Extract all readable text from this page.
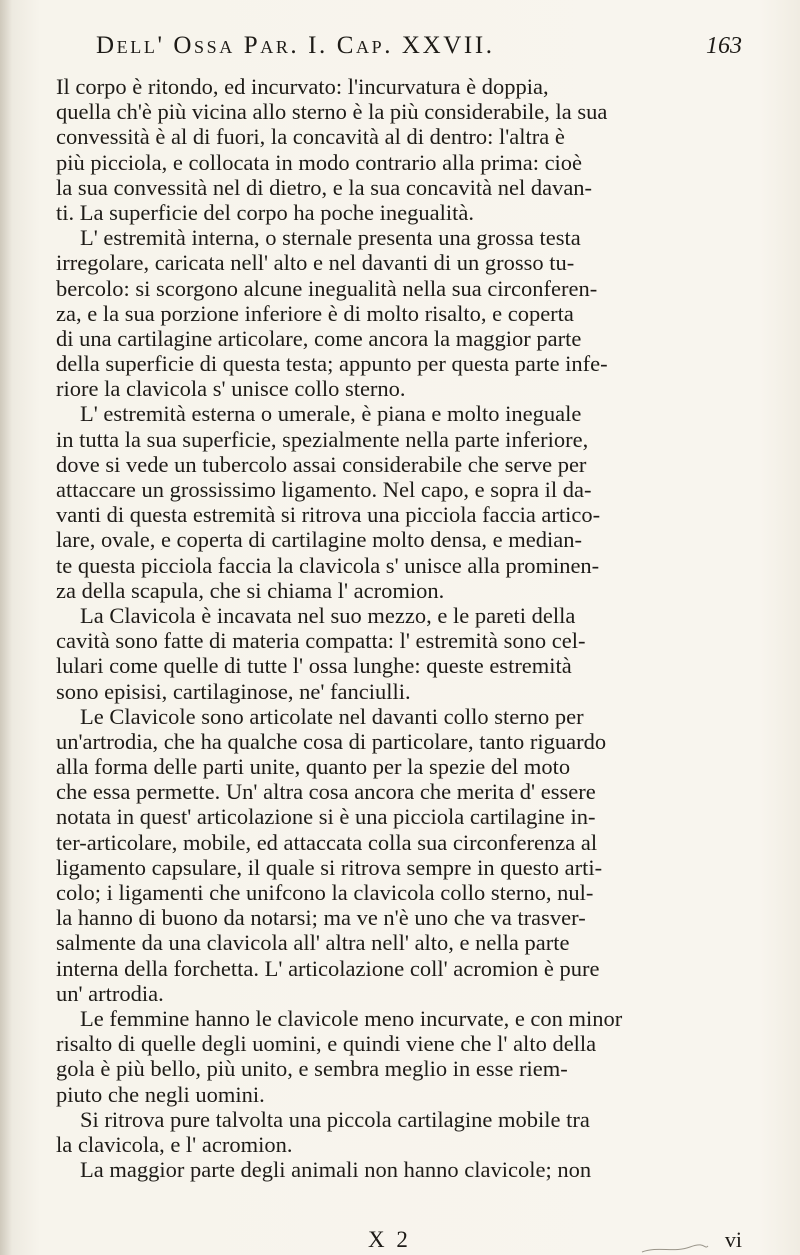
Dell' Ossa Par. I. Cap. XXVII.	163

Il corpo è ritondo, ed incurvato: l'incurvatura è doppia,

quella ch'è più vicina allo sterno è la più considerabile, la sua

convessità è al di fuori, la concavità al di dentro: l'altra è

più picciola, e collocata in modo contrario alla prima: cioè

la sua convessità nel di dietro, e la sua concavità nel davan-

ti. La superficie del corpo ha poche inegualità.

L' estremità interna, o sternale presenta una grossa testa

irregolare, caricata nell' alto e nel davanti di un grosso tu-

bercolo: si scorgono alcune inegualità nella sua circonferen-

za, e la sua porzione inferiore è di molto risalto, e coperta

di una cartilagine articolare, come ancora la maggior parte

della superficie di questa testa; appunto per questa parte infe-

riore la clavicola s' unisce collo sterno.

L' estremità esterna o umerale, è piana e molto ineguale

in tutta la sua superficie, spezialmente nella parte inferiore,

dove si vede un tubercolo assai considerabile che serve per

attaccare un grossissimo ligamento. Nel capo, e sopra il da-

vanti di questa estremità si ritrova una picciola faccia artico-

lare, ovale, e coperta di cartilagine molto densa, e median-

te questa picciola faccia la clavicola s' unisce alla prominen-

za della scapula, che si chiama l' acromion.

La Clavicola è incavata nel suo mezzo, e le pareti della

cavità sono fatte di materia compatta: l' estremità sono cel-

lulari come quelle di tutte l' ossa lunghe: queste estremità

sono episisi, cartilaginose, ne' fanciulli.

Le Clavicole sono articolate nel davanti collo sterno per

un'artrodia, che ha qualche cosa di particolare, tanto riguardo

alla forma delle parti unite, quanto per la spezie del moto

che essa permette. Un' altra cosa ancora che merita d' essere

notata in quest' articolazione si è una picciola cartilagine in-

ter-articolare, mobile, ed attaccata colla sua circonferenza al

ligamento capsulare, il quale si ritrova sempre in questo arti-

colo; i ligamenti che unifcono la clavicola collo sterno, nul-

la hanno di buono da notarsi; ma ve n'è uno che va trasver-

salmente da una clavicola all' altra nell' alto, e nella parte

interna della forchetta. L' articolazione coll' acromion è pure

un' artrodia.

Le femmine hanno le clavicole meno incurvate, e con minor

risalto di quelle degli uomini, e quindi viene che l' alto della

gola è più bello, più unito, e sembra meglio in esse riem-

piuto che negli uomini.

Si ritrova pure talvolta una piccola cartilagine mobile tra

la clavicola, e l' acromion.

La maggior parte degli animali non hanno clavicole; non

X 2	vi
